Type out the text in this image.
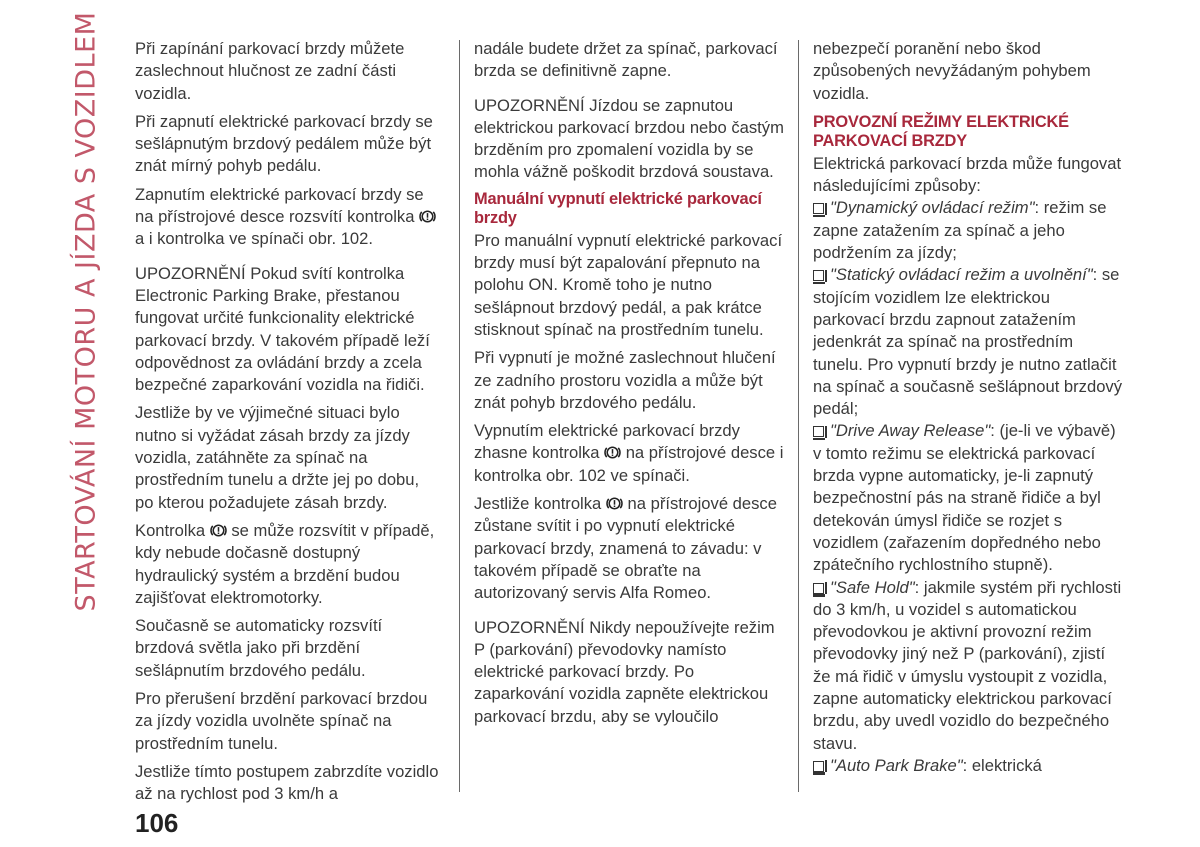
STARTOVÁNÍ MOTORU A JÍZDA S VOZIDLEM Při zapínání parkovací brzdy můžete zaslechnout hlučnost ze zadní části vozidla.

Při zapnutí elektrické parkovací brzdy se sešlápnutým brzdový pedálem může být znát mírný pohyb pedálu.

Zapnutím elektrické parkovací brzdy se na přístrojové desce rozsvítí kontrolka  a i kontrolka ve spínači obr. 102.

UPOZORNĚNÍ Pokud svítí kontrolka Electronic Parking Brake, přestanou fungovat určité funkcionality elektrické parkovací brzdy. V takovém případě leží odpovědnost za ovládání brzdy a zcela bezpečné zaparkování vozidla na řidiči.

Jestliže by ve výjimečné situaci bylo nutno si vyžádat zásah brzdy za jízdy vozidla, zatáhněte za spínač na prostředním tunelu a držte jej po dobu, po kterou požadujete zásah brzdy.

Kontrolka se může rozsvítit v případě, kdy nebude dočasně dostupný hydraulický systém a brzdění budou zajišťovat elektromotorky.

Současně se automaticky rozsvítí brzdová světla jako při brzdění sešlápnutím brzdového pedálu.

Pro přerušení brzdění parkovací brzdou za jízdy vozidla uvolněte spínač na prostředním tunelu.

Jestliže tímto postupem zabrzdíte vozidlo až na rychlost pod 3 km/h a

nadále budete držet za spínač, parkovací brzda se definitivně zapne.

UPOZORNĚNÍ Jízdou se zapnutou elektrickou parkovací brzdou nebo častým brzděním pro zpomalení vozidla by se mohla vážně poškodit brzdová soustava.

Manuální vypnutí elektrické parkovací brzdy

Pro manuální vypnutí elektrické parkovací brzdy musí být zapalování přepnuto na polohu ON. Kromě toho je nutno sešlápnout brzdový pedál, a pak krátce stisknout spínač na prostředním tunelu.

Při vypnutí je možné zaslechnout hlučení ze zadního prostoru vozidla a může být znát pohyb brzdového pedálu.

Vypnutím elektrické parkovací brzdy zhasne kontrolka na přístrojové desce i kontrolka obr. 102 ve spínači.

Jestliže kontrolka na přístrojové desce zůstane svítit i po vypnutí elektrické parkovací brzdy, znamená to závadu: v takovém případě se obraťte na autorizovaný servis Alfa Romeo.

UPOZORNĚNÍ Nikdy nepoužívejte režim P (parkování) převodovky namísto elektrické parkovací brzdy. Po zaparkování vozidla zapněte elektrickou parkovací brzdu, aby se vyloučilo

nebezpečí poranění nebo škod způsobených nevyžádaným pohybem vozidla.

PROVOZNÍ REŽIMY ELEKTRICKÉ PARKOVACÍ BRZDY

Elektrická parkovací brzda může fungovat následujícími způsoby:

"Dynamický ovládací režim": režim se zapne zatažením za spínač a jeho podržením za jízdy;
"Statický ovládací režim a uvolnění": se stojícím vozidlem lze elektrickou parkovací brzdu zapnout zatažením jedenkrát za spínač na prostředním tunelu. Pro vypnutí brzdy je nutno zatlačit na spínač a současně sešlápnout brzdový pedál;
"Drive Away Release": (je-li ve výbavě) v tomto režimu se elektrická parkovací brzda vypne automaticky, je-li zapnutý bezpečnostní pás na straně řidiče a byl detekován úmysl řidiče se rozjet s vozidlem (zařazením dopředného nebo zpátečního rychlostního stupně).
"Safe Hold": jakmile systém při rychlosti do 3 km/h, u vozidel s automatickou převodovkou je aktivní provozní režim převodovky jiný než P (parkování), zjistí že má řidič v úmyslu vystoupit z vozidla, zapne automaticky elektrickou parkovací brzdu, aby uvedl vozidlo do bezpečného stavu.
"Auto Park Brake": elektrická
106
